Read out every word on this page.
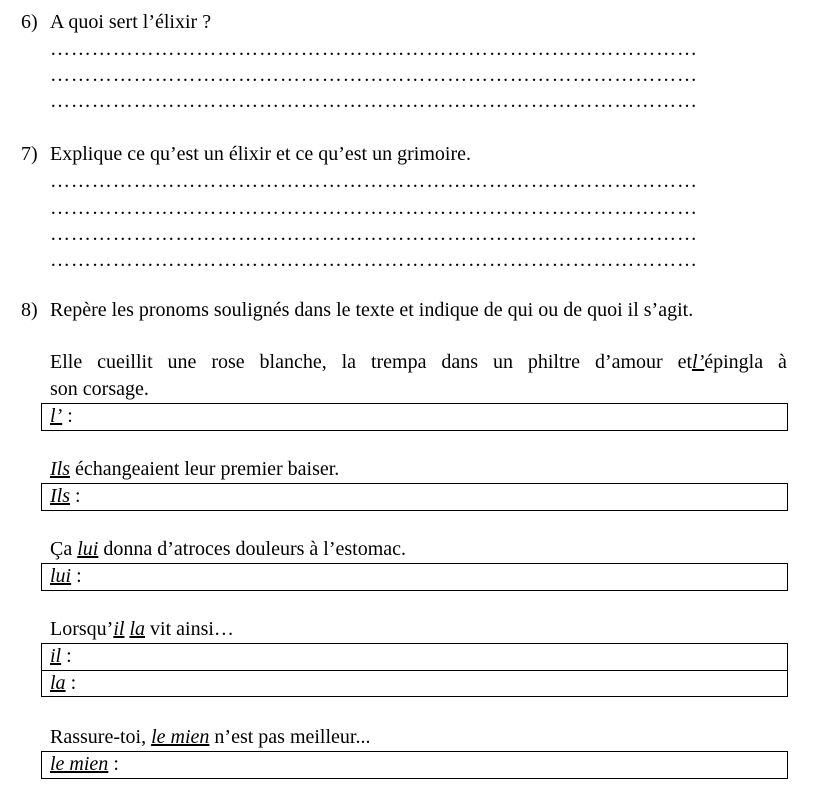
6) A quoi sert l’élixir ?
…………………………………………………………………………………
…………………………………………………………………………………
…………………………………………………………………………………
7) Explique ce qu’est un élixir et ce qu’est un grimoire.
…………………………………………………………………………………
…………………………………………………………………………………
…………………………………………………………………………………
…………………………………………………………………………………
8) Repère les pronoms soulignés dans le texte et indique de qui ou de quoi il s’agit.
Elle cueillit une rose blanche, la trempa dans un philtre d’amour etl’épingla à
son corsage.
l’ :
Ils échangeaient leur premier baiser.
Ils :
Ça lui donna d’atroces douleurs à l’estomac.
lui :
Lorsqu’il la vit ainsi…
il :
la :
Rassure-toi, le mien n’est pas meilleur...
le mien :
